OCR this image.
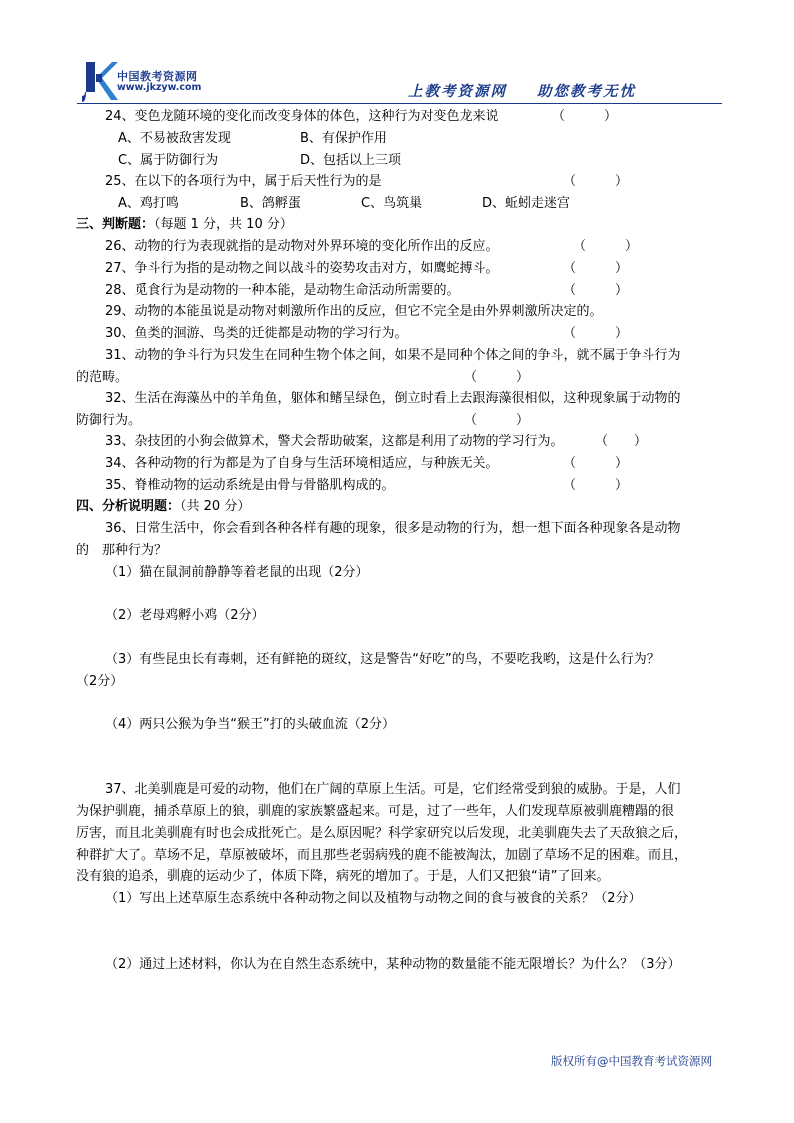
中国教考资源网
www.jkzyw.com	上教考资源网 助您教考无忧
24、变色龙随环境的变化而改变身体的体色，这种行为对变色龙来说	（　　　）
A、不易被敌害发现	B、有保护作用
C、属于防御行为	D、包括以上三项
25、在以下的各项行为中，属于后天性行为的是	（　　　）
A、鸡打鸣	B、鸽孵蛋	C、鸟筑巢	D、蚯蚓走迷宫
三、判断题：（每题 1 分，共 10 分）
26、动物的行为表现就指的是动物对外界环境的变化所作出的反应。	（　　　）
27、争斗行为指的是动物之间以战斗的姿势攻击对方，如鹰蛇搏斗。	（　　　）
28、觅食行为是动物的一种本能，是动物生命活动所需要的。	（　　　）
29、动物的本能虽说是动物对刺激所作出的反应，但它不完全是由外界刺激所决定的。
30、鱼类的洄游、鸟类的迁徙都是动物的学习行为。	（　　　）
31、动物的争斗行为只发生在同种生物个体之间，如果不是同种个体之间的争斗，就不属于争斗行为
的范畴。	（　　　）
32、生活在海藻丛中的羊角鱼，躯体和鳍呈绿色，倒立时看上去跟海藻很相似，这种现象属于动物的
防御行为。	（　　　）
33、杂技团的小狗会做算术，警犬会帮助破案，这都是利用了动物的学习行为。 （　　）
34、各种动物的行为都是为了自身与生活环境相适应，与种族无关。	（　　　）
35、脊椎动物的运动系统是由骨与骨骼肌构成的。	（　　　）
四、分析说明题：（共 20 分）
36、日常生活中，你会看到各种各样有趣的现象，很多是动物的行为，想一想下面各种现象各是动物
的　那种行为？
（1）猫在鼠洞前静静等着老鼠的出现（2分）
（2）老母鸡孵小鸡（2分）
（3）有些昆虫长有毒刺，还有鲜艳的斑纹，这是警告“好吃”的鸟，不要吃我哟，这是什么行为？
（2分）
（4）两只公猴为争当“猴王”打的头破血流（2分）
37、北美驯鹿是可爱的动物，他们在广阔的草原上生活。可是，它们经常受到狼的威胁。于是，人们
为保护驯鹿，捕杀草原上的狼，驯鹿的家族繁盛起来。可是，过了一些年，人们发现草原被驯鹿糟蹋的很
厉害，而且北美驯鹿有时也会成批死亡。是么原因呢？科学家研究以后发现，北美驯鹿失去了天敌狼之后，
种群扩大了。草场不足，草原被破坏，而且那些老弱病残的鹿不能被淘汰，加剧了草场不足的困难。而且，
没有狼的追杀，驯鹿的运动少了，体质下降，病死的增加了。于是，人们又把狼“请”了回来。
（1）写出上述草原生态系统中各种动物之间以及植物与动物之间的食与被食的关系？（2分）
（2）通过上述材料，你认为在自然生态系统中，某种动物的数量能不能无限增长？为什么？（3分）
版权所有@中国教育考试资源网
